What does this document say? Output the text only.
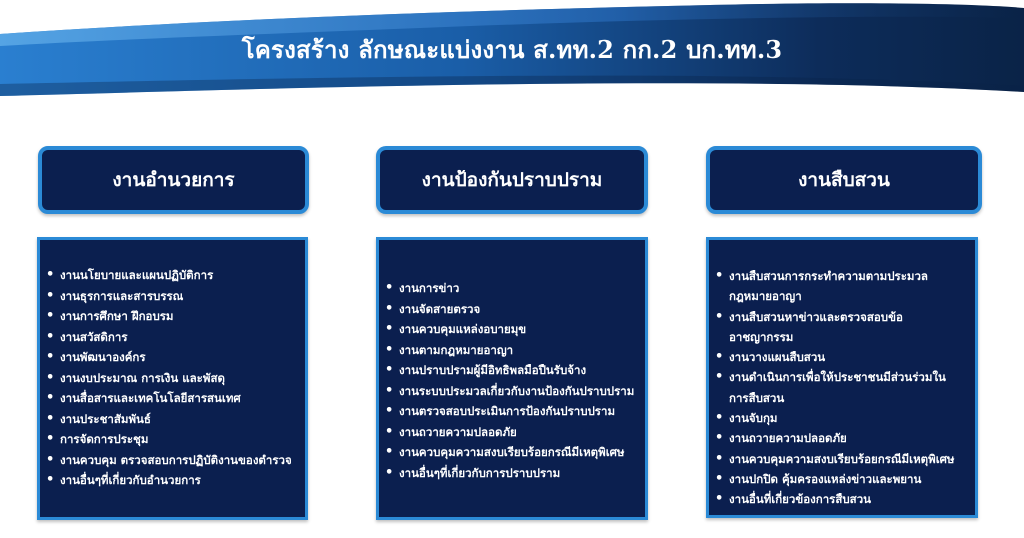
โครงสร้าง ลักษณะแบ่งงาน ส.ทท.2 กก.2 บก.ทท.3
งานอำนวยการ	งานป้องกันปราบปราม	งานสืบสวน
• งานนโยบายและแผนปฏิบัติการ
• งานธุรการและสารบรรณ
• งานการศึกษา ฝึกอบรม
• งานสวัสดิการ
• งานพัฒนาองค์กร
• งานงบประมาณ การเงิน และพัสดุ
• งานสื่อสารและเทคโนโลยีสารสนเทศ
• งานประชาสัมพันธ์
• การจัดการประชุม
• งานควบคุม ตรวจสอบการปฏิบัติงานของตำรวจ
• งานอื่นๆที่เกี่ยวกับอำนวยการ
• งานการข่าว
• งานจัดสายตรวจ
• งานควบคุมแหล่งอบายมุข
• งานตามกฎหมายอาญา
• งานปราบปรามผู้มีอิทธิพลมือปืนรับจ้าง
• งานระบบประมวลเกี่ยวกับงานป้องกันปราบปราม
• งานตรวจสอบประเมินการป้องกันปราบปราม
• งานถวายความปลอดภัย
• งานควบคุมความสงบเรียบร้อยกรณีมีเหตุพิเศษ
• งานอื่นๆที่เกี่ยวกับการปราบปราม
• งานสืบสวนการกระทำความตามประมวลกฎหมายอาญา
• งานสืบสวนหาข่าวและตรวจสอบข้ออาชญากรรม
• งานวางแผนสืบสวน
• งานดำเนินการเพื่อให้ประชาชนมีส่วนร่วมในการสืบสวน
• งานจับกุม
• งานถวายความปลอดภัย
• งานควบคุมความสงบเรียบร้อยกรณีมีเหตุพิเศษ
• งานปกปิด คุ้มครองแหล่งข่าวและพยาน
• งานอื่นที่เกี่ยวข้องการสืบสวน
